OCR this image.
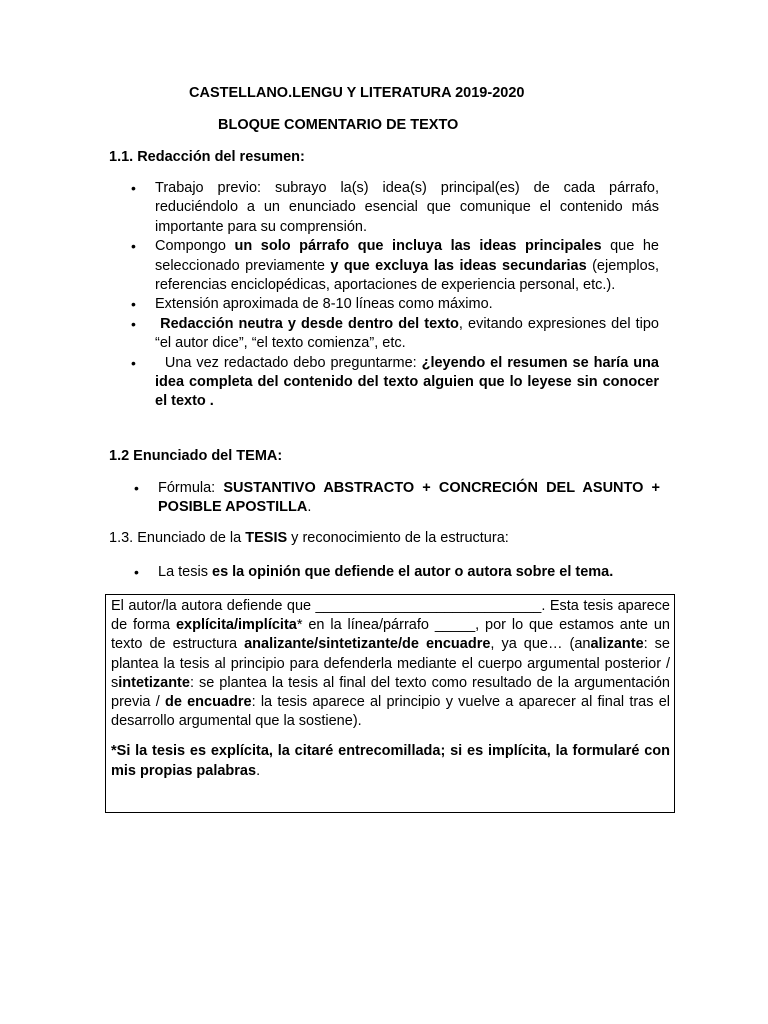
CASTELLANO.LENGU Y LITERATURA 2019-2020
BLOQUE COMENTARIO DE TEXTO
1.1. Redacción del resumen:
• Trabajo previo: subrayo la(s) idea(s) principal(es) de cada párrafo, reduciéndolo a un enunciado esencial que comunique el contenido más importante para su comprensión.
• Compongo un solo párrafo que incluya las ideas principales que he seleccionado previamente y que excluya las ideas secundarias (ejemplos, referencias enciclopédicas, aportaciones de experiencia personal, etc.).
• Extensión aproximada de 8-10 líneas como máximo.
• Redacción neutra y desde dentro del texto, evitando expresiones del tipo “el autor dice”, “el texto comienza”, etc.
• Una vez redactado debo preguntarme: ¿leyendo el resumen se haría una idea completa del contenido del texto alguien que lo leyese sin conocer el texto .
1.2 Enunciado del TEMA:
• Fórmula: SUSTANTIVO ABSTRACTO + CONCRECIÓN DEL ASUNTO + POSIBLE APOSTILLA.
1.3. Enunciado de la TESIS y reconocimiento de la estructura:
• La tesis es la opinión que defiende el autor o autora sobre el tema.

El autor/la autora defiende que ____________________________. Esta tesis aparece de forma explícita/implícita* en la línea/párrafo _____, por lo que estamos ante un texto de estructura analizante/sintetizante/de encuadre, ya que… (analizante: se plantea la tesis al principio para defenderla mediante el cuerpo argumental posterior / sintetizante: se plantea la tesis al final del texto como resultado de la argumentación previa / de encuadre: la tesis aparece al principio y vuelve a aparecer al final tras el desarrollo argumental que la sostiene).

*Si la tesis es explícita, la citaré entrecomillada; si es implícita, la formularé con mis propias palabras.
